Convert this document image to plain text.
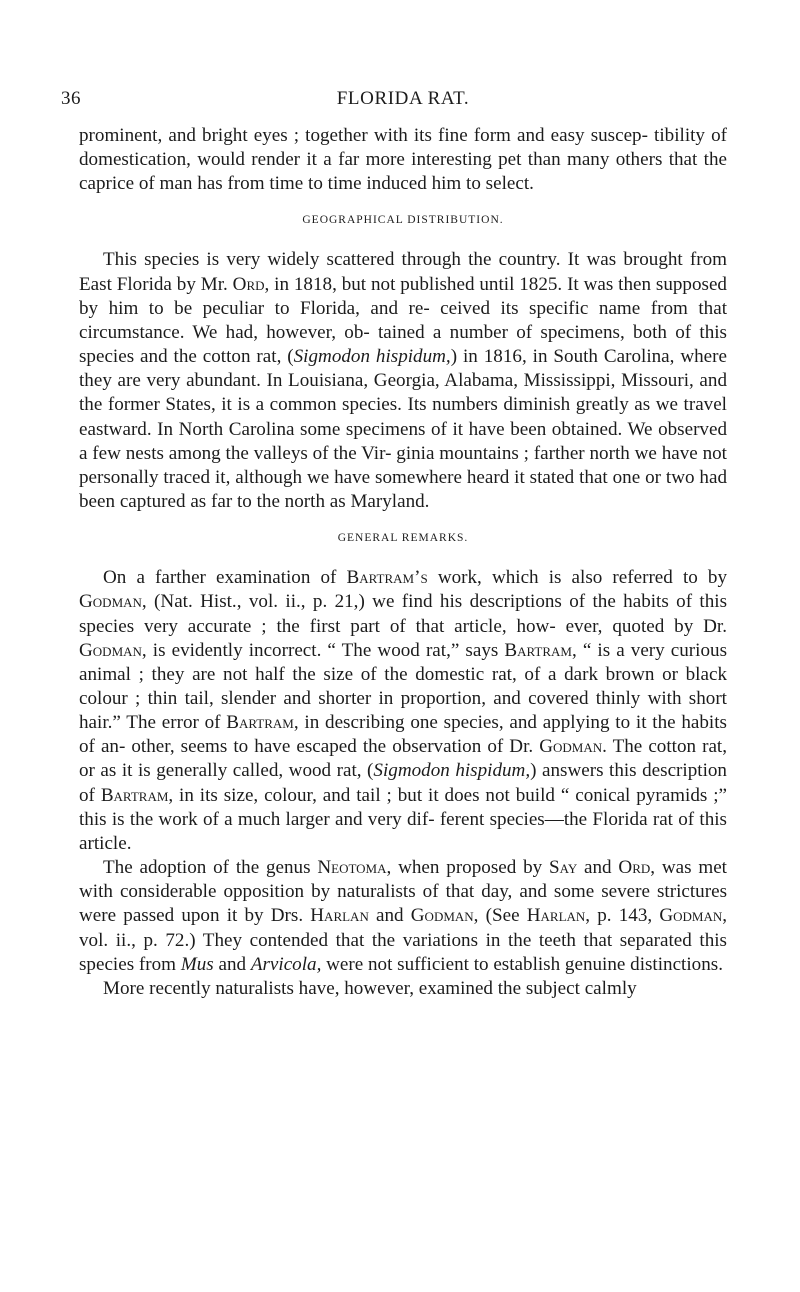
36	FLORIDA RAT.

prominent, and bright eyes ; together with its fine form and easy suscep- tibility of domestication, would render it a far more interesting pet than many others that the caprice of man has from time to time induced him to select.

GEOGRAPHICAL DISTRIBUTION.

This species is very widely scattered through the country. It was brought from East Florida by Mr. Ord, in 1818, but not published until 1825. It was then supposed by him to be peculiar to Florida, and re- ceived its specific name from that circumstance. We had, however, ob- tained a number of specimens, both of this species and the cotton rat, (Sigmodon hispidum,) in 1816, in South Carolina, where they are very abundant. In Louisiana, Georgia, Alabama, Mississippi, Missouri, and the former States, it is a common species. Its numbers diminish greatly as we travel eastward. In North Carolina some specimens of it have been obtained. We observed a few nests among the valleys of the Vir- ginia mountains ; farther north we have not personally traced it, although we have somewhere heard it stated that one or two had been captured as far to the north as Maryland.

GENERAL REMARKS.

On a farther examination of Bartram’s work, which is also referred to by Godman, (Nat. Hist., vol. ii., p. 21,) we find his descriptions of the habits of this species very accurate ; the first part of that article, how- ever, quoted by Dr. Godman, is evidently incorrect. “ The wood rat,” says Bartram, “ is a very curious animal ; they are not half the size of the domestic rat, of a dark brown or black colour ; thin tail, slender and shorter in proportion, and covered thinly with short hair.” The error of Bartram, in describing one species, and applying to it the habits of an- other, seems to have escaped the observation of Dr. Godman. The cotton rat, or as it is generally called, wood rat, (Sigmodon hispidum,) answers this description of Bartram, in its size, colour, and tail ; but it does not build “ conical pyramids ;” this is the work of a much larger and very dif- ferent species—the Florida rat of this article.

The adoption of the genus Neotoma, when proposed by Say and Ord, was met with considerable opposition by naturalists of that day, and some severe strictures were passed upon it by Drs. Harlan and Godman, (See Harlan, p. 143, Godman, vol. ii., p. 72.) They contended that the variations in the teeth that separated this species from Mus and Arvicola, were not sufficient to establish genuine distinctions.

More recently naturalists have, however, examined the subject calmly
